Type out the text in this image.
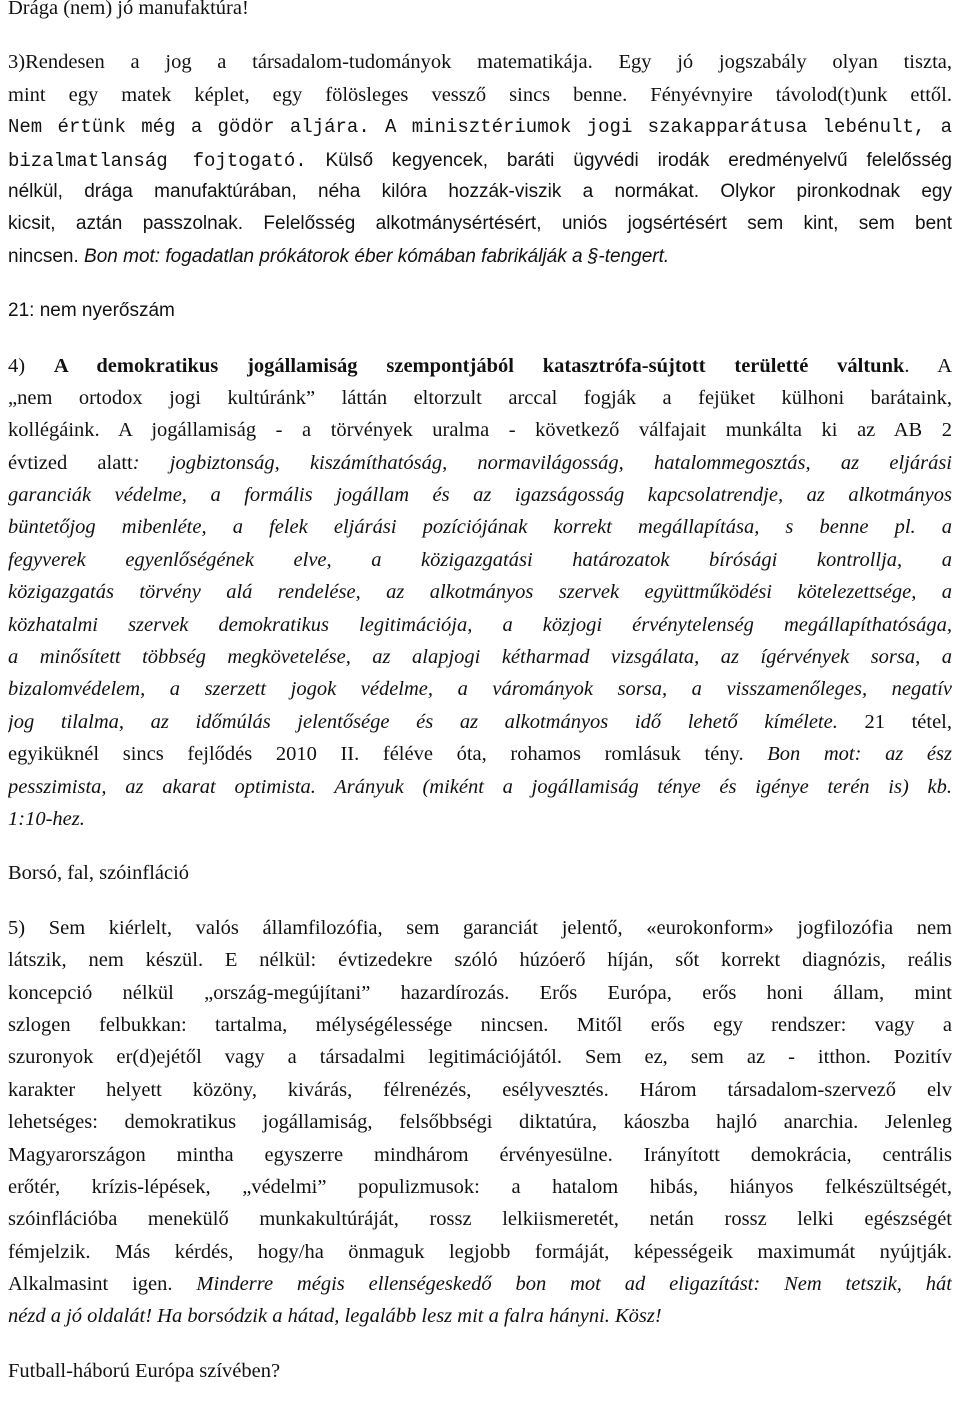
Drága (nem) jó manufaktúra!
3)Rendesen a jog a társadalom-tudományok matematikája. Egy jó jogszabály olyan tiszta,
mint egy matek képlet, egy fölösleges vessző sincs benne. Fényévnyire távolod(t)unk ettől.
Nem értünk még a gödör aljára. A minisztériumok jogi szakapparátusa lebénult, a
bizalmatlanság fojtogató. Külső kegyencek, baráti ügyvédi irodák eredményelvű felelősség
nélkül, drága manufaktúrában, néha kilóra hozzák-viszik a normákat. Olykor pironkodnak egy
kicsit, aztán passzolnak. Felelősség alkotmánysértésért, uniós jogsértésért sem kint, sem bent
nincsen. Bon mot: fogadatlan prókátorok éber kómában fabrikálják a §-tengert.
21: nem nyerőszám
4) A demokratikus jogállamiság szempontjából katasztrófa-sújtott területté váltunk. A
„nem ortodox jogi kultúránk” láttán eltorzult arccal fogják a fejüket külhoni barátaink,
kollégáink. A jogállamiság - a törvények uralma - következő válfajait munkálta ki az AB 2
évtized alatt: jogbiztonság, kiszámíthatóság, normavilágosság, hatalommegosztás, az eljárási
garanciák védelme, a formális jogállam és az igazságosság kapcsolatrendje, az alkotmányos
büntetőjog mibenléte, a felek eljárási pozíciójának korrekt megállapítása, s benne pl. a
fegyverek egyenlőségének elve, a közigazgatási határozatok bírósági kontrollja, a
közigazgatás törvény alá rendelése, az alkotmányos szervek együttműködési kötelezettsége, a
közhatalmi szervek demokratikus legitimációja, a közjogi érvénytelenség megállapíthatósága,
a minősített többség megkövetelése, az alapjogi kétharmad vizsgálata, az ígérvények sorsa, a
bizalomvédelem, a szerzett jogok védelme, a várományok sorsa, a visszamenőleges, negatív
jog tilalma, az időmúlás jelentősége és az alkotmányos idő lehető kímélete. 21 tétel,
egyiküknél sincs fejlődés 2010 II. féléve óta, rohamos romlásuk tény. Bon mot: az ész
pesszimista, az akarat optimista. Arányuk (miként a jogállamiság ténye és igénye terén is) kb.
1:10-hez.
Borsó, fal, szóinfláció
5) Sem kiérlelt, valós államfilozófia, sem garanciát jelentő, «eurokonform» jogfilozófia nem
látszik, nem készül. E nélkül: évtizedekre szóló húzóerő híján, sőt korrekt diagnózis, reális
koncepció nélkül „ország-megújítani” hazardírozás. Erős Európa, erős honi állam, mint
szlogen felbukkan: tartalma, mélységélessége nincsen. Mitől erős egy rendszer: vagy a
szuronyok er(d)ejétől vagy a társadalmi legitimációjától. Sem ez, sem az - itthon. Pozitív
karakter helyett közöny, kivárás, félrenézés, esélyvesztés. Három társadalom-szervező elv
lehetséges: demokratikus jogállamiság, felsőbbségi diktatúra, káoszba hajló anarchia. Jelenleg
Magyarországon mintha egyszerre mindhárom érvényesülne. Irányított demokrácia, centrális
erőtér, krízis-lépések, „védelmi” populizmusok: a hatalom hibás, hiányos felkészültségét,
szóinflációba menekülő munkakultúráját, rossz lelkiismeretét, netán rossz lelki egészségét
fémjelzik. Más kérdés, hogy/ha önmaguk legjobb formáját, képességeik maximumát nyújtják.
Alkalmasint igen. Minderre mégis ellenségeskedő bon mot ad eligazítást: Nem tetszik, hát
nézd a jó oldalát! Ha borsódzik a hátad, legalább lesz mit a falra hányni. Kösz!
Futball-háború Európa szívében?
